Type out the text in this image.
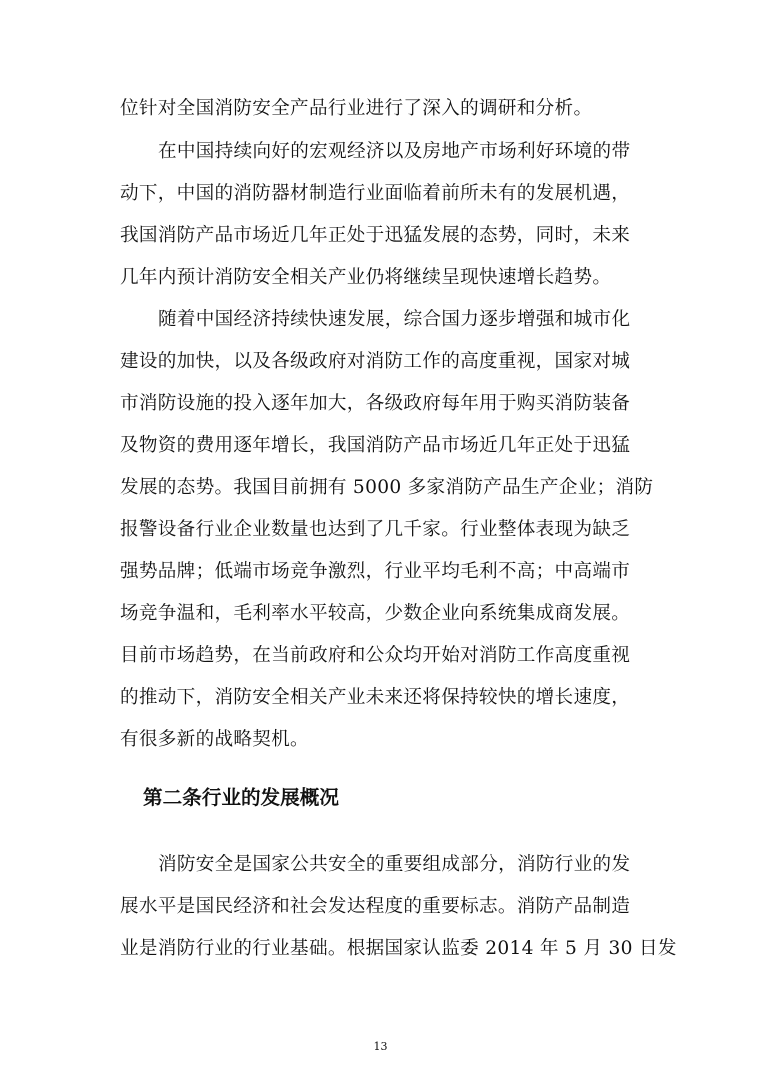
位针对全国消防安全产品行业进行了深入的调研和分析。
在中国持续向好的宏观经济以及房地产市场利好环境的带
动下，中国的消防器材制造行业面临着前所未有的发展机遇，
我国消防产品市场近几年正处于迅猛发展的态势，同时，未来
几年内预计消防安全相关产业仍将继续呈现快速增长趋势。
随着中国经济持续快速发展，综合国力逐步增强和城市化
建设的加快，以及各级政府对消防工作的高度重视，国家对城
市消防设施的投入逐年加大，各级政府每年用于购买消防装备
及物资的费用逐年增长，我国消防产品市场近几年正处于迅猛
发展的态势。我国目前拥有 5000 多家消防产品生产企业；消防
报警设备行业企业数量也达到了几千家。行业整体表现为缺乏
强势品牌；低端市场竞争激烈，行业平均毛利不高；中高端市
场竞争温和，毛利率水平较高，少数企业向系统集成商发展。
目前市场趋势，在当前政府和公众均开始对消防工作高度重视
的推动下，消防安全相关产业未来还将保持较快的增长速度，
有很多新的战略契机。
第二条行业的发展概况
消防安全是国家公共安全的重要组成部分，消防行业的发
展水平是国民经济和社会发达程度的重要标志。消防产品制造
业是消防行业的行业基础。根据国家认监委 2014 年 5 月 30 日发
13
